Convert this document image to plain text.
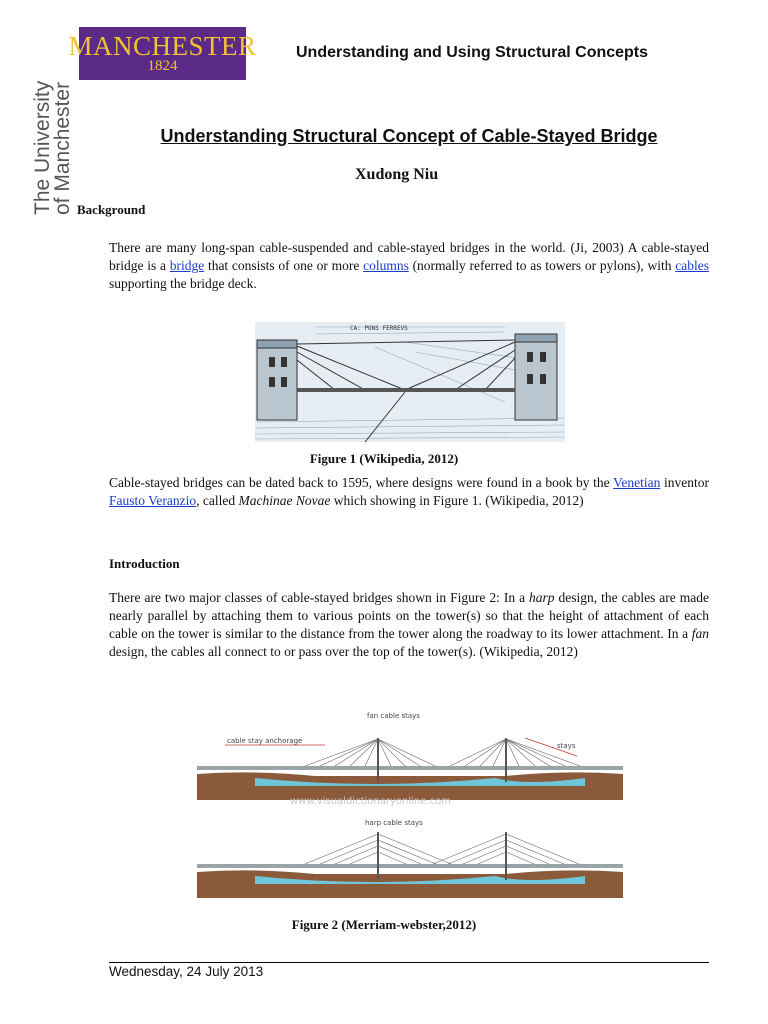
MANCHESTER
1824
The University
of Manchester
Understanding and Using Structural Concepts
Understanding Structural Concept of Cable-Stayed Bridge
Xudong Niu
Background
There are many long-span cable-suspended and cable-stayed bridges in the world. (Ji, 2003) A cable-stayed bridge is a bridge that consists of one or more columns (normally referred to as towers or pylons), with cables supporting the bridge deck.
CA: PONS FERREVS
Figure 1 (Wikipedia, 2012)
Cable-stayed bridges can be dated back to 1595, where designs were found in a book by the Venetian inventor Fausto Veranzio, called Machinae Novae which showing in Figure 1. (Wikipedia, 2012)
Introduction
There are two major classes of cable-stayed bridges shown in Figure 2: In a harp design, the cables are made nearly parallel by attaching them to various points on the tower(s) so that the height of attachment of each cable on the tower is similar to the distance from the tower along the roadway to its lower attachment. In a fan design, the cables all connect to or pass over the top of the tower(s). (Wikipedia, 2012)
fan cable stays
cable stay anchorage
stays
www.visualdictionaryonline.com
harp cable stays
Figure 2 (Merriam-webster,2012)
Wednesday, 24 July 2013
